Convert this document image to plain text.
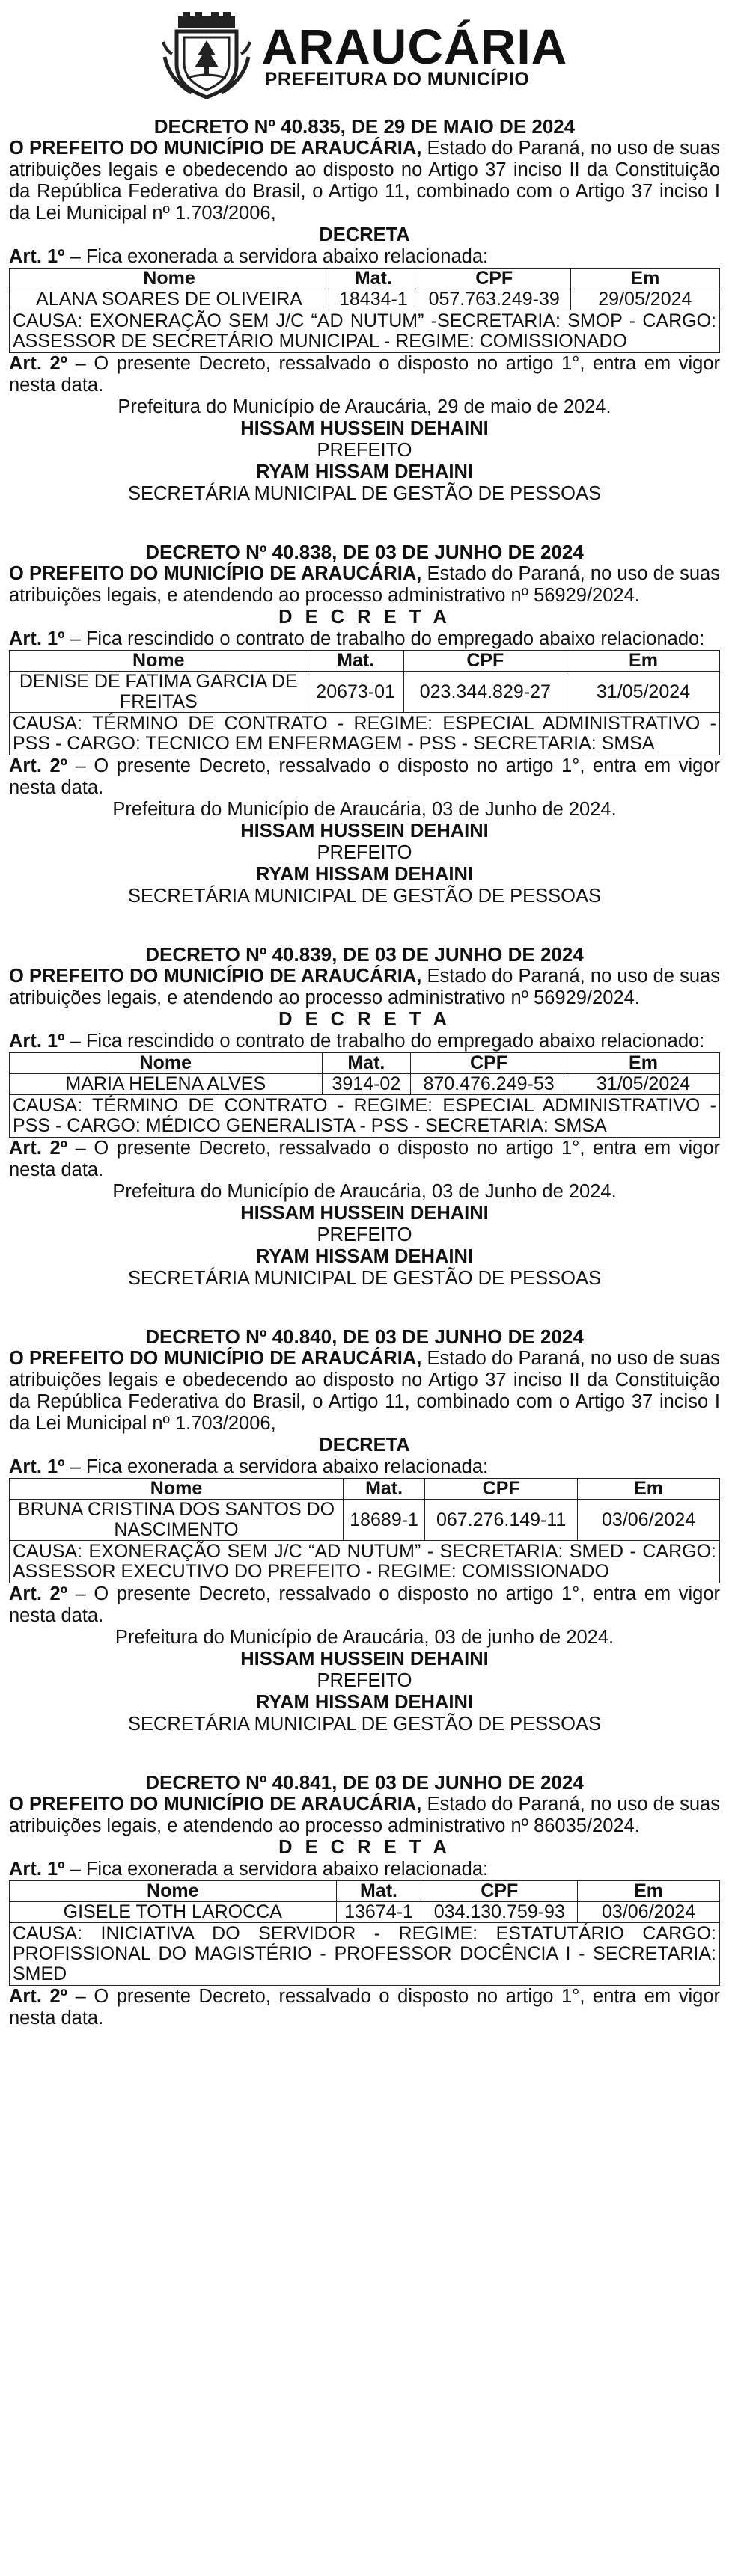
ARAUCÁRIA
PREFEITURA DO MUNICÍPIO
DECRETO Nº 40.835, DE 29 DE MAIO DE 2024
O PREFEITO DO MUNICÍPIO DE ARAUCÁRIA, Estado do Paraná, no uso de suas atribuições legais e obedecendo ao disposto no Artigo 37 inciso II da Constituição da República Federativa do Brasil, o Artigo 11, combinado com o Artigo 37 inciso I da Lei Municipal nº 1.703/2006,
DECRETA
Art. 1º – Fica exonerada a servidora abaixo relacionada:
Nome	Mat.	CPF	Em
ALANA SOARES DE OLIVEIRA	18434-1	057.763.249-39	29/05/2024
CAUSA: EXONERAÇÃO SEM J/C “AD NUTUM” -SECRETARIA: SMOP - CARGO: ASSESSOR DE SECRETÁRIO MUNICIPAL - REGIME: COMISSIONADO			
Art. 2º – O presente Decreto, ressalvado o disposto no artigo 1°, entra em vigor nesta data.
Prefeitura do Município de Araucária, 29 de maio de 2024.
HISSAM HUSSEIN DEHAINI
PREFEITO
RYAM HISSAM DEHAINI
SECRETÁRIA MUNICIPAL DE GESTÃO DE PESSOAS
DECRETO Nº 40.838, DE 03 DE JUNHO DE 2024
O PREFEITO DO MUNICÍPIO DE ARAUCÁRIA, Estado do Paraná, no uso de suas atribuições legais, e atendendo ao processo administrativo nº 56929/2024.
D E C R E T A
Art. 1º – Fica rescindido o contrato de trabalho do empregado abaixo relacionado:
Nome	Mat.	CPF	Em
DENISE DE FATIMA GARCIA DE FREITAS	20673-01	023.344.829-27	31/05/2024
CAUSA: TÉRMINO DE CONTRATO - REGIME: ESPECIAL ADMINISTRATIVO - PSS - CARGO: TECNICO EM ENFERMAGEM - PSS - SECRETARIA: SMSA			
Art. 2º – O presente Decreto, ressalvado o disposto no artigo 1°, entra em vigor nesta data.
Prefeitura do Município de Araucária, 03 de Junho de 2024.
HISSAM HUSSEIN DEHAINI
PREFEITO
RYAM HISSAM DEHAINI
SECRETÁRIA MUNICIPAL DE GESTÃO DE PESSOAS
DECRETO Nº 40.839, DE 03 DE JUNHO DE 2024
O PREFEITO DO MUNICÍPIO DE ARAUCÁRIA, Estado do Paraná, no uso de suas atribuições legais, e atendendo ao processo administrativo nº 56929/2024.
D E C R E T A
Art. 1º – Fica rescindido o contrato de trabalho do empregado abaixo relacionado:
Nome	Mat.	CPF	Em
MARIA HELENA ALVES	3914-02	870.476.249-53	31/05/2024
CAUSA: TÉRMINO DE CONTRATO - REGIME: ESPECIAL ADMINISTRATIVO - PSS - CARGO: MÉDICO GENERALISTA - PSS - SECRETARIA: SMSA			
Art. 2º – O presente Decreto, ressalvado o disposto no artigo 1°, entra em vigor nesta data.
Prefeitura do Município de Araucária, 03 de Junho de 2024.
HISSAM HUSSEIN DEHAINI
PREFEITO
RYAM HISSAM DEHAINI
SECRETÁRIA MUNICIPAL DE GESTÃO DE PESSOAS
DECRETO Nº 40.840, DE 03 DE JUNHO DE 2024
O PREFEITO DO MUNICÍPIO DE ARAUCÁRIA, Estado do Paraná, no uso de suas atribuições legais e obedecendo ao disposto no Artigo 37 inciso II da Constituição da República Federativa do Brasil, o Artigo 11, combinado com o Artigo 37 inciso I da Lei Municipal nº 1.703/2006,
DECRETA
Art. 1º – Fica exonerada a servidora abaixo relacionada:
Nome	Mat.	CPF	Em
BRUNA CRISTINA DOS SANTOS DO NASCIMENTO	18689-1	067.276.149-11	03/06/2024
CAUSA: EXONERAÇÃO SEM J/C “AD NUTUM” - SECRETARIA: SMED - CARGO: ASSESSOR EXECUTIVO DO PREFEITO - REGIME: COMISSIONADO			
Art. 2º – O presente Decreto, ressalvado o disposto no artigo 1°, entra em vigor nesta data.
Prefeitura do Município de Araucária, 03 de junho de 2024.
HISSAM HUSSEIN DEHAINI
PREFEITO
RYAM HISSAM DEHAINI
SECRETÁRIA MUNICIPAL DE GESTÃO DE PESSOAS
DECRETO Nº 40.841, DE 03 DE JUNHO DE 2024
O PREFEITO DO MUNICÍPIO DE ARAUCÁRIA, Estado do Paraná, no uso de suas atribuições legais, e atendendo ao processo administrativo nº 86035/2024.
D E C R E T A
Art. 1º – Fica exonerada a servidora abaixo relacionada:
Nome	Mat.	CPF	Em
GISELE TOTH LAROCCA	13674-1	034.130.759-93	03/06/2024
CAUSA: INICIATIVA DO SERVIDOR - REGIME: ESTATUTÁRIO CARGO: PROFISSIONAL DO MAGISTÉRIO - PROFESSOR DOCÊNCIA I - SECRETARIA: SMED			
Art. 2º – O presente Decreto, ressalvado o disposto no artigo 1°, entra em vigor nesta data.
